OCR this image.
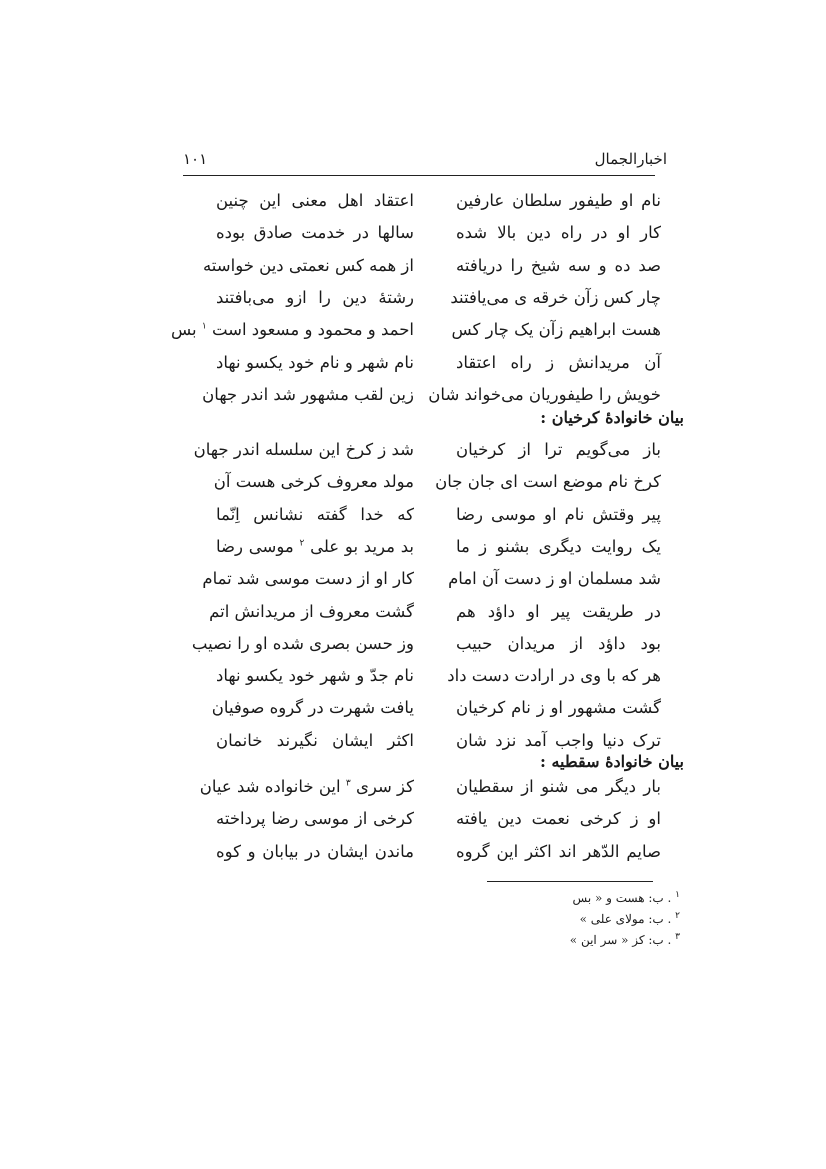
اخبارالجمال
۱۰۱
نام او طیفور سلطان عارفین
اعتقاد اهل معنی این چنین
کار او در راه دین بالا شده
سالها در خدمت صادق بوده
صد ده و سه شیخ را دریافته
از همه کس نعمتی دین خواسته
چار کس زآن خرقه ی می‌یافتند
رشتۀ دین را ازو می‌بافتند
هست ابراهیم زآن یک چار کس
احمد و محمود و مسعود است $^۱$ بس
آن مریدانش ز راه اعتقاد
نام شهر و نام خود یکسو نهاد
خویش را طیفوریان می‌خواند شان
زین لقب مشهور شد اندر جهان
بیان خانوادۀ کرخیان :
باز می‌گویم ترا از کرخیان
شد ز کرخ این سلسله اندر جهان
کرخ نام موضع است ای جان جان
مولد معروف کرخی هست آن
پیر وقتش نام او موسی رضا
که خدا گفته نشانس اِنّما
یک روایت دیگری بشنو ز ما
بد مرید بو علی $^۲$ موسی رضا
شد مسلمان او ز دست آن امام
کار او از دست موسی شد تمام
در طریقت پیر او داؤد هم
گشت معروف از مریدانش اتم
بود داؤد از مریدان حبیب
وز حسن بصری شده او را نصیب
هر که با وی در ارادت دست داد
نام جدّ و شهر خود یکسو نهاد
گشت مشهور او ز نام کرخیان
یافت شهرت در گروه صوفیان
ترک دنیا واجب آمد نزد شان
اکثر ایشان نگیرند خانمان
بیان خانوادۀ سقطیه :
بار دیگر می شنو از سقطیان
کز سری $^۳$ این خانواده شد عیان
او ز کرخی نعمت دین یافته
کرخی از موسی رضا پرداخته
صایم الدّهر اند اکثر این گروه
ماندن ایشان در بیابان و کوه
$^۱$ . ب: هست و « بس
$^۲$ . ب: مولای علی »
$^۳$ . ب: کز « سر این »
